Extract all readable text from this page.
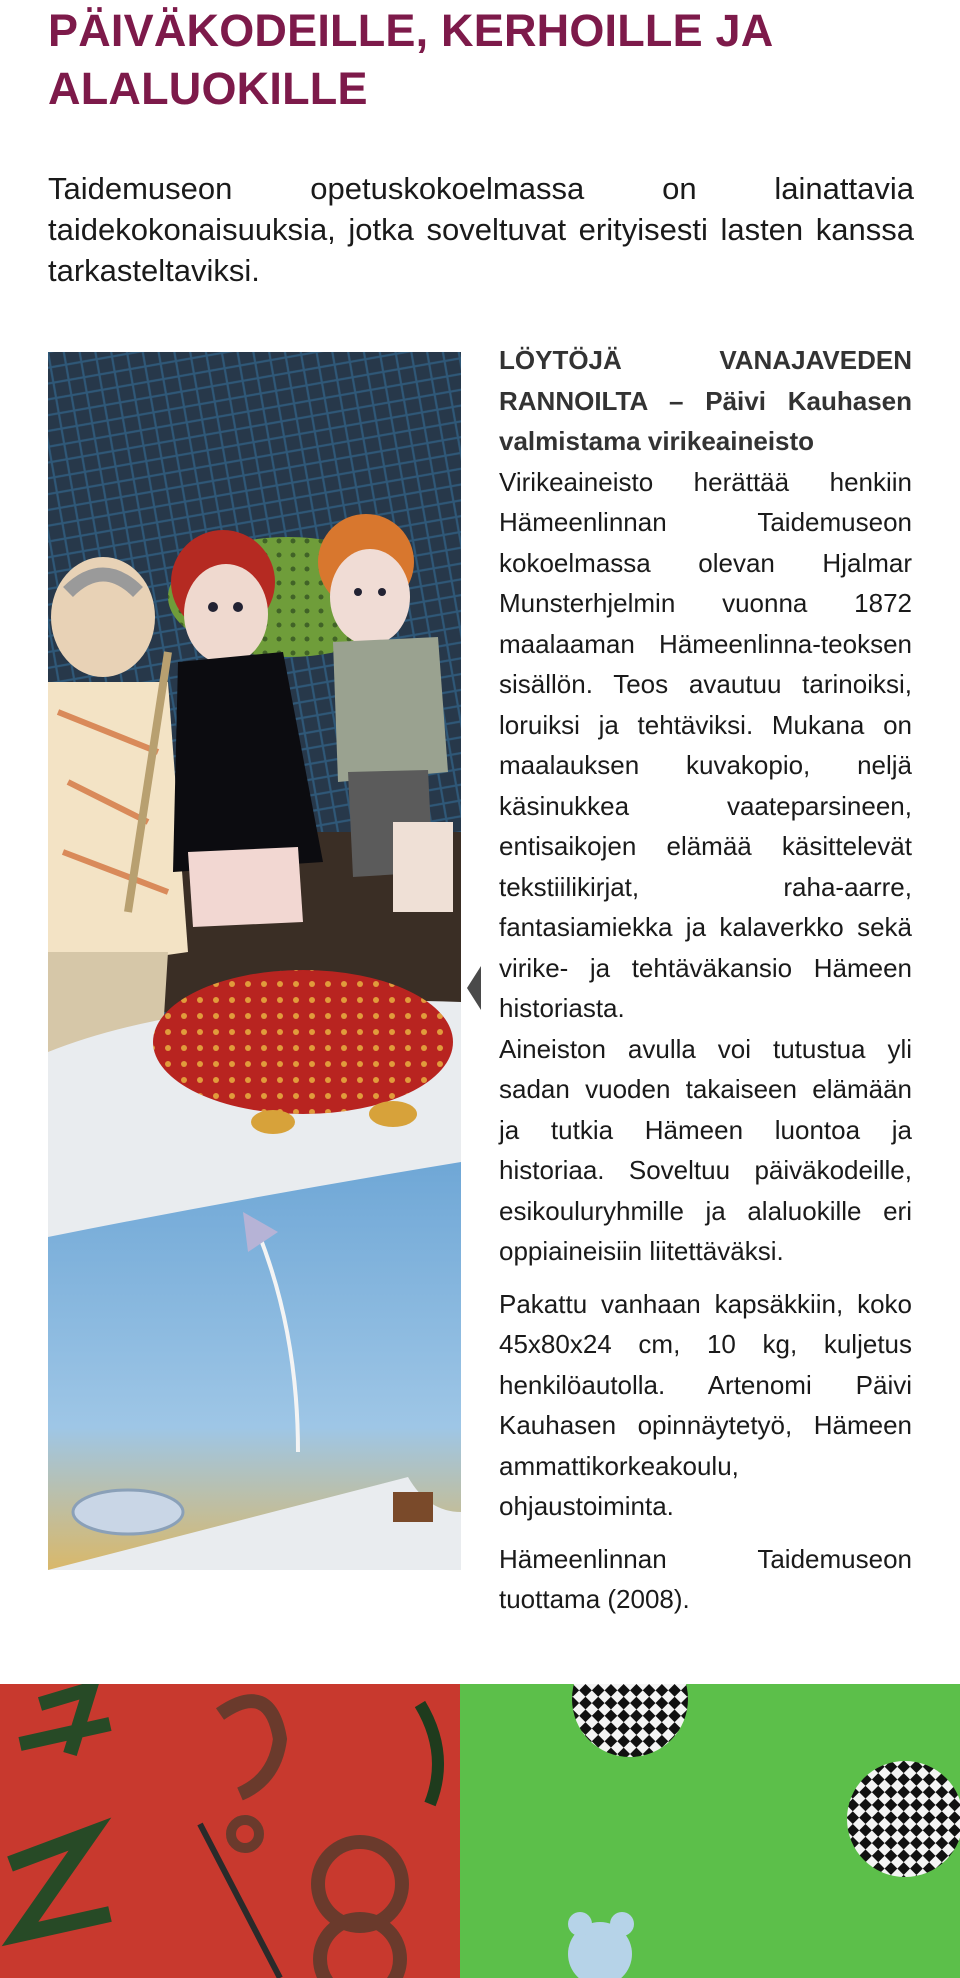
PÄIVÄKODEILLE, KERHOILLE JA ALALUOKILLE

Taidemuseon opetuskokoelmassa on lainattavia taidekokonaisuuksia, jotka soveltuvat erityisesti lasten kanssa tarkasteltaviksi.

LÖYTÖJÄ VANAJAVEDEN RANNOILTA – Päivi Kauhasen valmistama virikeaineisto

Virikeaineisto herättää henkiin Hämeenlinnan Taidemuseon kokoelmassa olevan Hjalmar Munsterhjelmin vuonna 1872 maalaaman Hämeenlinna-teoksen sisällön. Teos avautuu tarinoiksi, loruiksi ja tehtäviksi. Mukana on maalauksen kuvakopio, neljä käsinukkea vaateparsineen, entisaikojen elämää käsittelevät tekstiilikirjat, raha-aarre, fantasiamiekka ja kalaverkko sekä virike- ja tehtäväkansio Hämeen historiasta.

Aineiston avulla voi tutustua yli sadan vuoden takaiseen elämään ja tutkia Hämeen luontoa ja historiaa. Soveltuu päiväkodeille, esikouluryhmille ja alaluokille eri oppiaineisiin liitettäväksi.

Pakattu vanhaan kapsäkkiin, koko 45x80x24 cm, 10 kg, kuljetus henkilöautolla. Artenomi Päivi Kauhasen opinnäytetyö, Hämeen ammattikorkeakoulu, ohjaustoiminta.

Hämeenlinnan Taidemuseon tuottama (2008).
